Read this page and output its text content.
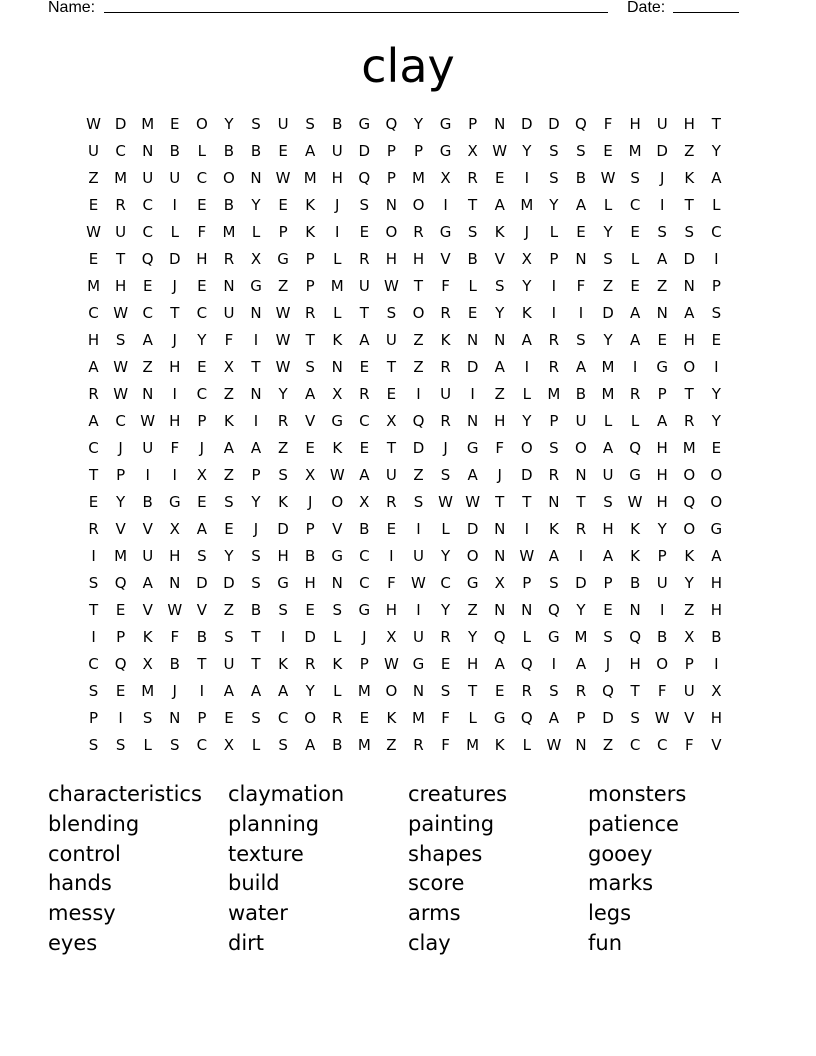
Name:	Date:
clay
W D M	E	O	Y	S	U	S	B	G	Q	Y	G	P	N	D	D	Q	F	H	U	H	T
U	C	N	B	L	B	B	E	A	U	D	P	P	G	X W	Y	S	S	E	M D	Z	Y
Z	M	U	U	C	O	N W M H	Q	P	M	X	R	E	I	S	B W S	J	K	A
E	R	C	I	E	B	Y	E	K	J	S	N	O	I	T	A	M	Y	A	L	C	I	T	L
W U	C	L	F	M	L	P	K	I	E	O	R	G	S	K	J	L	E	Y	E	S	S	C
E	T	Q	D	H	R	X	G	P	L	R	H	H	V	B	V	X	P	N	S	L	A	D	I
M H	E	J	E	N	G	Z	P	M	U W	T	F	L	S	Y	I	F	Z	E	Z	N	P
C W C	T	C	U	N W R	L	T	S	O	R	E	Y	K	I	I	D	A	N	A	S
H	S	A	J	Y	F	I	W	T	K	A	U	Z	K	N	N	A	R	S	Y	A	E	H	E
A W Z	H	E	X	T	W S	N	E	T	Z	R	D	A	I	R	A	M	I	G	O	I
R W N	I	C	Z	N	Y	A	X	R	E	I	U	I	Z	L	M	B	M	R	P	T	Y
A	C W H	P	K	I	R	V	G	C	X	Q	R	N	H	Y	P	U	L	L	A	R	Y
C	J	U	F	J	A	A	Z	E	K	E	T	D	J	G	F	O	S	O	A	Q	H M	E
T	P	I	I	X	Z	P	S	X W A	U	Z	S	A	J	D	R	N	U	G	H	O	O
E	Y	B	G	E	S	Y	K	J	O	X	R	S W W	T	T	N	T	S W H	Q	O
R	V	V	X	A	E	J	D	P	V	B	E	I	L	D	N	I	K	R	H	K	Y	O	G
I	M	U	H	S	Y	S	H	B	G	C	I	U	Y	O	N W A	I	A	K	P	K	A
S	Q	A	N	D	D	S	G	H	N	C	F	W C	G	X	P	S	D	P	B	U	Y	H
T	E	V W V	Z	B	S	E	S	G	H	I	Y	Z	N	N	Q	Y	E	N	I	Z	H
I	P	K	F	B	S	T	I	D	L	J	X	U	R	Y	Q	L	G M	S	Q	B	X	B
C	Q	X	B	T	U	T	K	R	K	P	W G	E	H	A	Q	I	A	J	H	O	P	I
S	E	M	J	I	A	A	A	Y	L	M O	N	S	T	E	R	S	R	Q	T	F	U	X
P	I	S	N	P	E	S	C	O	R	E	K	M	F	L	G	Q	A	P	D	S W V	H
S	S	L	S	C	X	L	S	A	B	M	Z	R	F	M	K	L	W N	Z	C	C	F	V
characteristics	claymation	creatures	monsters
blending	planning	painting	patience
control	texture	shapes	gooey
hands	build	score	marks
messy	water	arms	legs
eyes	dirt	clay	fun
